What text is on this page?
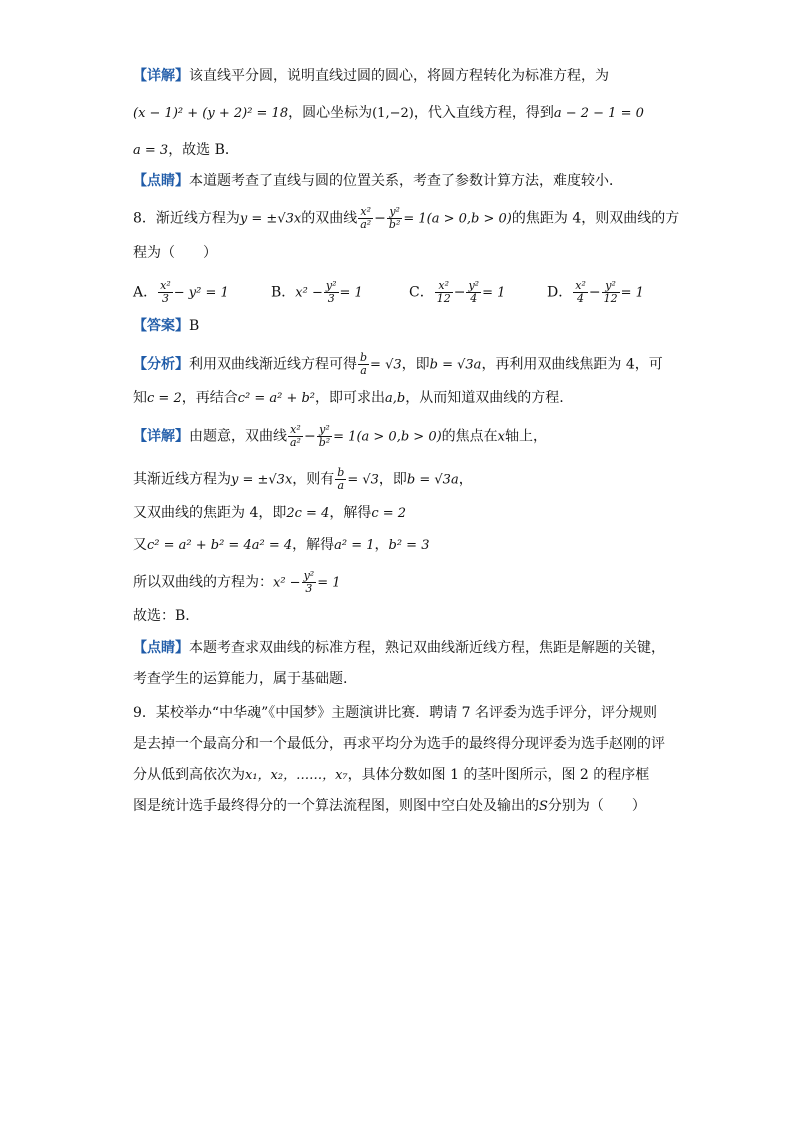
【详解】该直线平分圆，说明直线过圆的圆心，将圆方程转化为标准方程，为
(x − 1)² + (y + 2)² = 18，圆心坐标为(1,−2)，代入直线方程，得到a − 2 − 1 = 0
a = 3，故选 B．
【点睛】本道题考查了直线与圆的位置关系，考查了参数计算方法，难度较小．
8．渐近线方程为y = ±√3x的双曲线 $\frac{\text{x²}}{\text{a²}} - \frac{\text{y²}}{\text{b²}} = 1(a > 0,b > 0)$的焦距为 4，则双曲线的方
程为（　　）
A． $\frac{\text{x²}}{3} - y^2 = 1$	B．$x^2 - \frac{\text{y²}}{3} = 1$	C． $\frac{\text{x²}}{12} - \frac{\text{y²}}{4} = 1$	D． $\frac{\text{x²}}{4} - \frac{\text{y²}}{12} = 1$
【答案】B
【分析】利用双曲线渐近线方程可得 $\frac{b}{a} = √3$，即b = √3a，再利用双曲线焦距为 4，可
知c = 2，再结合c² = a² + b²，即可求出a,b，从而知道双曲线的方程.
【详解】由题意，双曲线 $\frac{\text{x²}}{\text{a²}} - \frac{\text{y²}}{\text{b²}} = 1(a > 0,b > 0)$的焦点在x轴上，
其渐近线方程为y = ±√3x，则有 $\frac{b}{a} = √3$，即b = √3a，
又双曲线的焦距为 4，即2c = 4，解得c = 2
又c² = a² + b² = 4a² = 4，解得a² = 1，b² = 3
所以双曲线的方程为：$x^2 - \frac{\text{y²}}{3} = 1$
故选：B.
【点睛】本题考查求双曲线的标准方程，熟记双曲线渐近线方程，焦距是解题的关键，
考查学生的运算能力，属于基础题.
9．某校举办“中华魂”《中国梦》主题演讲比赛．聘请 7 名评委为选手评分，评分规则
是去掉一个最高分和一个最低分，再求平均分为选手的最终得分现评委为选手赵刚的评
分从低到高依次为x₁，x₂，……，x₇，具体分数如图 1 的茎叶图所示，图 2 的程序框
图是统计选手最终得分的一个算法流程图，则图中空白处及输出的S分别为（　　）
